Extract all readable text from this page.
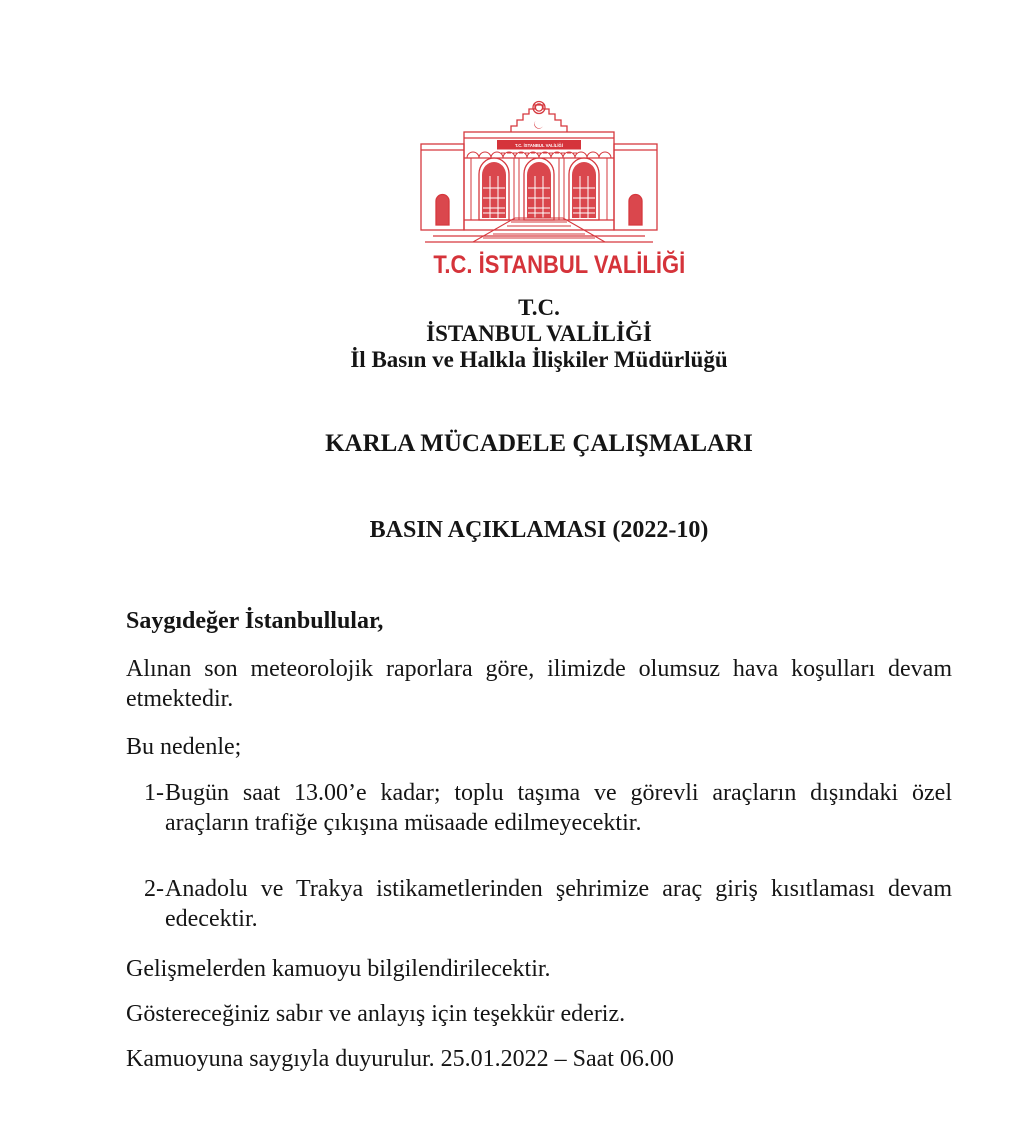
T.C. İSTANBUL VALİLİĞİ
T.C. İSTANBUL VALİLİĞİ
T.C.
İSTANBUL VALİLİĞİ
İl Basın ve Halkla İlişkiler Müdürlüğü
KARLA MÜCADELE ÇALIŞMALARI
BASIN AÇIKLAMASI (2022-10)
Saygıdeğer İstanbullular,
Alınan son meteorolojik raporlara göre, ilimizde olumsuz hava koşulları devam etmektedir.
Bu nedenle;
1- Bugün saat 13.00’e kadar; toplu taşıma ve görevli araçların dışındaki özel araçların trafiğe çıkışına müsaade edilmeyecektir.
2- Anadolu ve Trakya istikametlerinden şehrimize araç giriş kısıtlaması devam edecektir.
Gelişmelerden kamuoyu bilgilendirilecektir.
Göstereceğiniz sabır ve anlayış için teşekkür ederiz.
Kamuoyuna saygıyla duyurulur. 25.01.2022 – Saat 06.00
